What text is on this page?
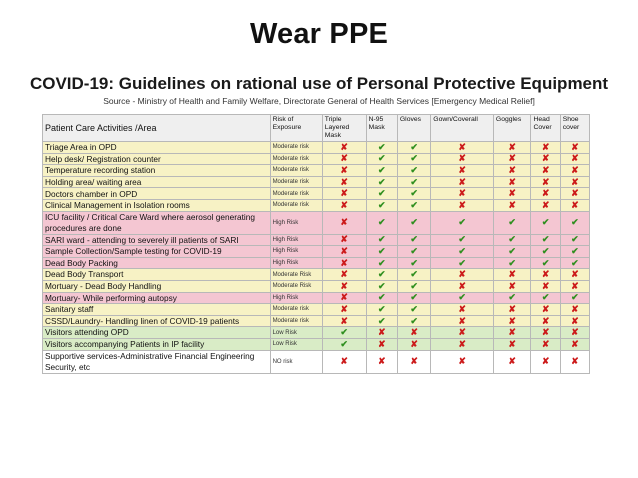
Wear PPE
COVID-19: Guidelines on rational use of Personal Protective Equipment
Source - Ministry of Health and Family Welfare, Directorate General of Health Services [Emergency Medical Relief]
Patient Care Activities /Area	Risk of Exposure	Triple Layered Mask	N-95 Mask	Gloves	Gown/Coverall	Goggles	Head Cover	Shoe cover
Triage Area in OPD	Moderate risk	✘	✔	✔	✘	✘	✘	✘
Help desk/ Registration counter	Moderate risk	✘	✔	✔	✘	✘	✘	✘
Temperature recording station	Moderate risk	✘	✔	✔	✘	✘	✘	✘
Holding area/ waiting area	Moderate risk	✘	✔	✔	✘	✘	✘	✘
Doctors chamber in OPD	Moderate risk	✘	✔	✔	✘	✘	✘	✘
Clinical Management in Isolation rooms	Moderate risk	✘	✔	✔	✘	✘	✘	✘
ICU facility / Critical Care Ward where aerosol generating procedures are done	High Risk	✘	✔	✔	✔	✔	✔	✔
SARI ward - attending to severely ill patients of SARI	High Risk	✘	✔	✔	✔	✔	✔	✔
Sample Collection/Sample testing for COVID-19	High Risk	✘	✔	✔	✔	✔	✔	✔
Dead Body Packing	High Risk	✘	✔	✔	✔	✔	✔	✔
Dead Body Transport	Moderate Risk	✘	✔	✔	✘	✘	✘	✘
Mortuary - Dead Body Handling	Moderate Risk	✘	✔	✔	✘	✘	✘	✘
Mortuary- While performing autopsy	High Risk	✘	✔	✔	✔	✔	✔	✔
Sanitary staff	Moderate risk	✘	✔	✔	✘	✘	✘	✘
CSSD/Laundry- Handling linen of COVID-19 patients	Moderate risk	✘	✔	✔	✘	✘	✘	✘
Visitors attending OPD	Low Risk	✔	✘	✘	✘	✘	✘	✘
Visitors accompanying Patients in IP facility	Low Risk	✔	✘	✘	✘	✘	✘	✘
Supportive services-Administrative Financial Engineering Security, etc	NO risk	✘	✘	✘	✘	✘	✘	✘
